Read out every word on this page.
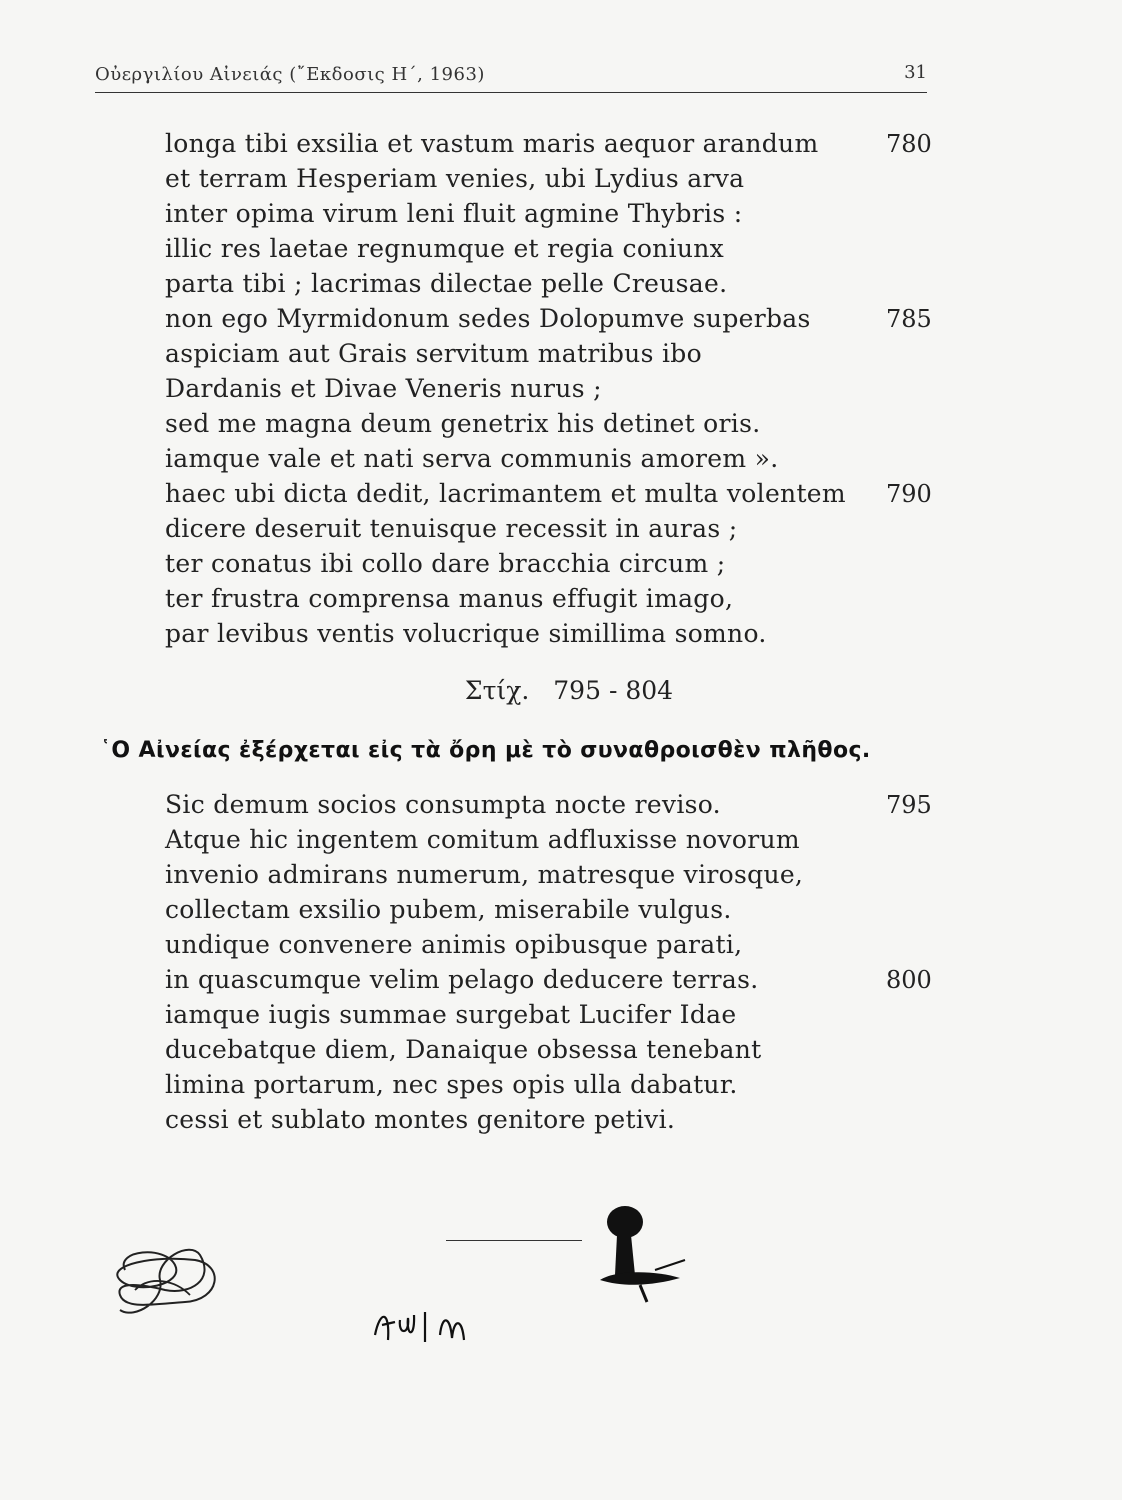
Οὐεργιλίου Αἰνειάς (῎Εκδοσις Η΄, 1963)	31
longa tibi exsilia et vastum maris aequor arandum
et terram Hesperiam venies, ubi Lydius arva
inter opima virum leni fluit agmine Thybris :
illic res laetae regnumque et regia coniunx
parta tibi ; lacrimas dilectae pelle Creusae.
non ego Myrmidonum sedes Dolopumve superbas
aspiciam aut Grais servitum matribus ibo
Dardanis et Divae Veneris nurus ;
sed me magna deum genetrix his detinet oris.
iamque vale et nati serva communis amorem ».
haec ubi dicta dedit, lacrimantem et multa volentem
dicere deseruit tenuisque recessit in auras ;
ter conatus ibi collo dare bracchia circum ;
ter frustra comprensa manus effugit imago,
par levibus ventis volucrique simillima somno.
780
785
790
Στίχ. 795 - 804
῾Ο Αἰνείας ἐξέρχεται εἰς τὰ ὄρη μὲ τὸ συναθροισθὲν πλῆθος.
Sic demum socios consumpta nocte reviso.
Atque hic ingentem comitum adfluxisse novorum
invenio admirans numerum, matresque virosque,
collectam exsilio pubem, miserabile vulgus.
undique convenere animis opibusque parati,
in quascumque velim pelago deducere terras.
iamque iugis summae surgebat Lucifer Idae
ducebatque diem, Danaique obsessa tenebant
limina portarum, nec spes opis ulla dabatur.
cessi et sublato montes genitore petivi.
795
800
